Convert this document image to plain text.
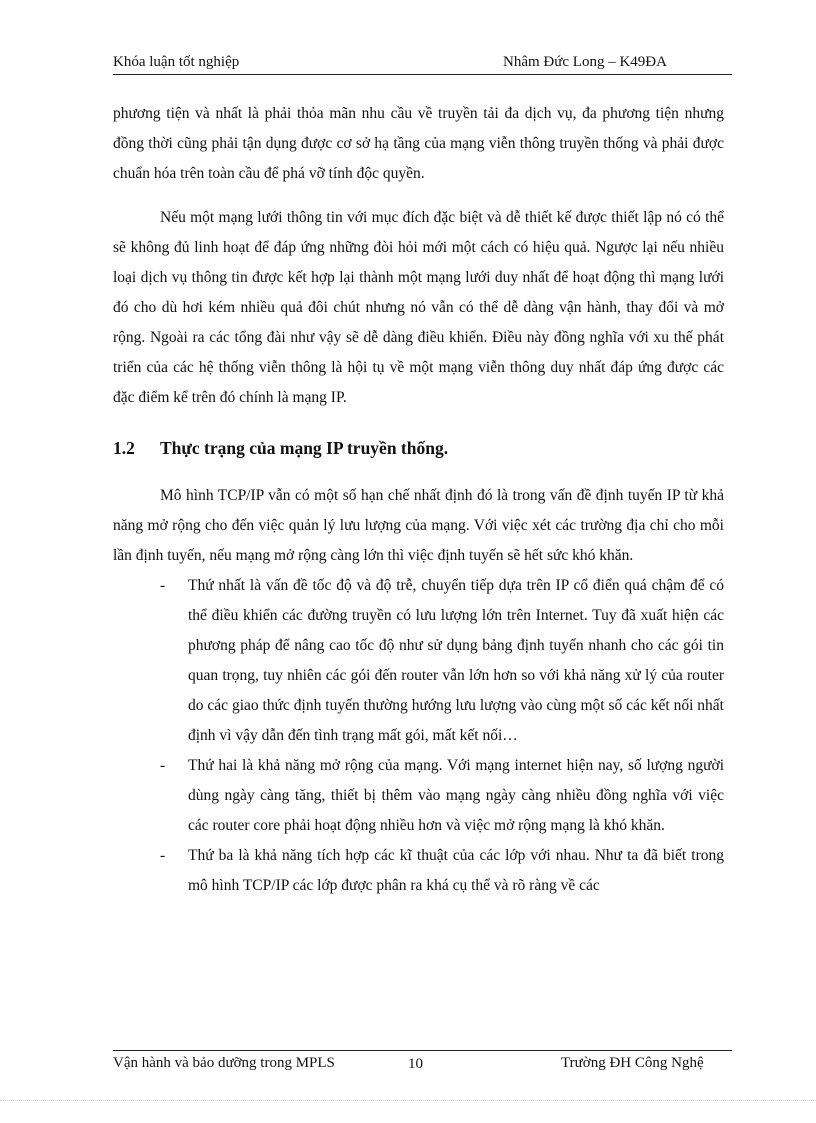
Khóa luận tốt nghiệp	Nhâm Đức Long – K49ĐA

phương tiện và nhất là phải thỏa mãn nhu cầu về truyền tải đa dịch vụ, đa phương tiện nhưng đồng thời cũng phải tận dụng được cơ sở hạ tầng của mạng viễn thông truyền thống và phải được chuẩn hóa trên toàn cầu để phá vỡ tính độc quyền.

Nếu một mạng lưới thông tin với mục đích đặc biệt và dễ thiết kế được thiết lập nó có thể sẽ không đủ linh hoạt để đáp ứng những đòi hỏi mới một cách có hiệu quả. Ngược lại nếu nhiều loại dịch vụ thông tin được kết hợp lại thành một mạng lưới duy nhất để hoạt động thì mạng lưới đó cho dù hơi kém nhiều quả đôi chút nhưng nó vẫn có thể dễ dàng vận hành, thay đổi và mở rộng. Ngoài ra các tổng đài như vậy sẽ dễ dàng điều khiển. Điều này đồng nghĩa với xu thế phát triển của các hệ thống viễn thông là hội tụ về một mạng viễn thông duy nhất đáp ứng được các đặc điểm kể trên đó chính là mạng IP.

1.2 Thực trạng của mạng IP truyền thống.

Mô hình TCP/IP vẫn có một số hạn chế nhất định đó là trong vấn đề định tuyến IP từ khả năng mở rộng cho đến việc quản lý lưu lượng của mạng. Với việc xét các trường địa chỉ cho mỗi lần định tuyến, nếu mạng mở rộng càng lớn thì việc định tuyến sẽ hết sức khó khăn.

- Thứ nhất là vấn đề tốc độ và độ trễ, chuyển tiếp dựa trên IP cổ điển quá chậm để có thể điều khiển các đường truyền có lưu lượng lớn trên Internet. Tuy đã xuất hiện các phương pháp để nâng cao tốc độ như sử dụng bảng định tuyến nhanh cho các gói tin quan trọng, tuy nhiên các gói đến router vẫn lớn hơn so với khả năng xử lý của router do các giao thức định tuyến thường hướng lưu lượng vào cùng một số các kết nối nhất định vì vậy dẫn đến tình trạng mất gói, mất kết nối…
- Thứ hai là khả năng mở rộng của mạng. Với mạng internet hiện nay, số lượng người dùng ngày càng tăng, thiết bị thêm vào mạng ngày càng nhiều đồng nghĩa với việc các router core phải hoạt động nhiều hơn và việc mở rộng mạng là khó khăn.
- Thứ ba là khả năng tích hợp các kĩ thuật của các lớp với nhau. Như ta đã biết trong mô hình TCP/IP các lớp được phân ra khá cụ thể và rõ ràng về các
Vận hành và bảo dưỡng trong MPLS	10	Trường ĐH Công Nghệ
